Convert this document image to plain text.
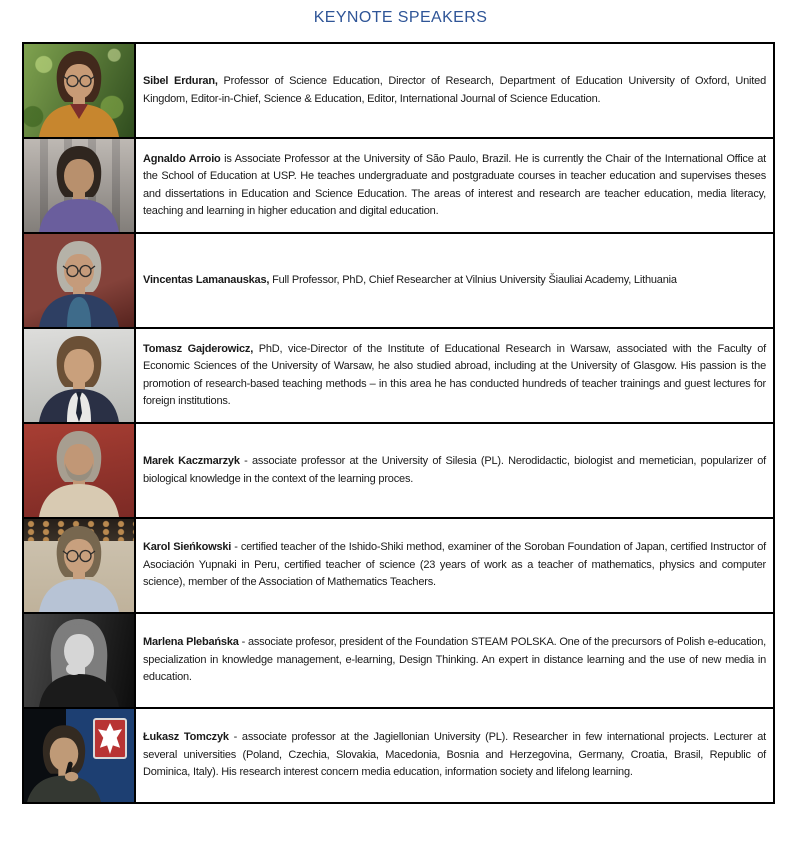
KEYNOTE SPEAKERS

Sibel Erduran, Professor of Science Education, Director of Research, Department of Education University of Oxford, United Kingdom, Editor-in-Chief, Science & Education, Editor, International Journal of Science Education.

Agnaldo Arroio is Associate Professor at the University of São Paulo, Brazil. He is currently the Chair of the International Office at the School of Education at USP. He teaches undergraduate and postgraduate courses in teacher education and supervises theses and dissertations in Education and Science Education. The areas of interest and research are teacher education, media literacy, teaching and learning in higher education and digital education.

Vincentas Lamanauskas, Full Professor, PhD, Chief Researcher at Vilnius University Šiauliai Academy, Lithuania

Tomasz Gajderowicz, PhD, vice-Director of the Institute of Educational Research in Warsaw, associated with the Faculty of Economic Sciences of the University of Warsaw, he also studied abroad, including at the University of Glasgow. His passion is the promotion of research-based teaching methods – in this area he has conducted hundreds of teacher trainings and guest lectures for foreign institutions.

Marek Kaczmarzyk - associate professor at the University of Silesia (PL). Nerodidactic, biologist and memetician, popularizer of biological knowledge in the context of the learning proces.

Karol Sieńkowski - certified teacher of the Ishido-Shiki method, examiner of the Soroban Foundation of Japan, certified Instructor of Asociación Yupnaki in Peru, certified teacher of science (23 years of work as a teacher of mathematics, physics and computer science), member of the Association of Mathematics Teachers.

Marlena Plebańska - associate profesor, president of the Foundation STEAM POLSKA. One of the precursors of Polish e-education, specialization in knowledge management, e-learning, Design Thinking. An expert in distance learning and the use of new media in education.

Łukasz Tomczyk - associate professor at the Jagiellonian University (PL). Researcher in few international projects. Lecturer at several universities (Poland, Czechia, Slovakia, Macedonia, Bosnia and Herzegovina, Germany, Croatia, Brasil, Republic of Dominica, Italy). His research interest concern media education, information society and lifelong learning.
